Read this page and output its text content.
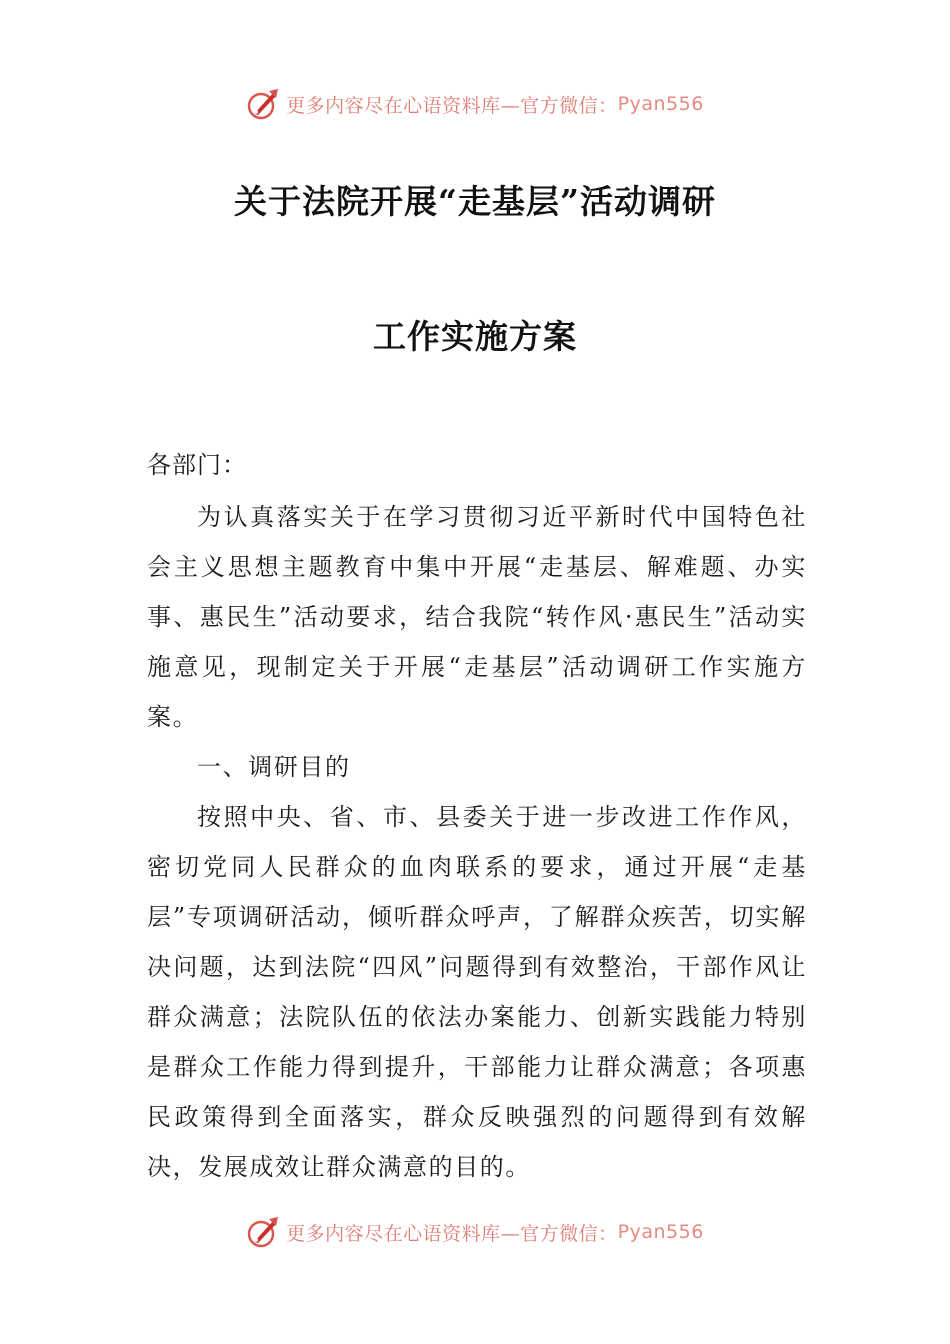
更多内容尽在心语资料库—官方微信： Pyan556
关于法院开展“走基层”活动调研
工作实施方案

各部门：

为认真落实关于在学习贯彻习近平新时代中国特色社会主义思想主题教育中集中开展“走基层、解难题、办实事、惠民生”活动要求，结合我院“转作风·惠民生”活动实施意见，现制定关于开展“走基层”活动调研工作实施方案。

一、调研目的

按照中央、省、市、县委关于进一步改进工作作风，密切党同人民群众的血肉联系的要求，通过开展“走基层”专项调研活动，倾听群众呼声，了解群众疾苦，切实解决问题，达到法院“四风”问题得到有效整治，干部作风让群众满意；法院队伍的依法办案能力、创新实践能力特别是群众工作能力得到提升，干部能力让群众满意；各项惠民政策得到全面落实，群众反映强烈的问题得到有效解决，发展成效让群众满意的目的。

更多内容尽在心语资料库—官方微信： Pyan556
